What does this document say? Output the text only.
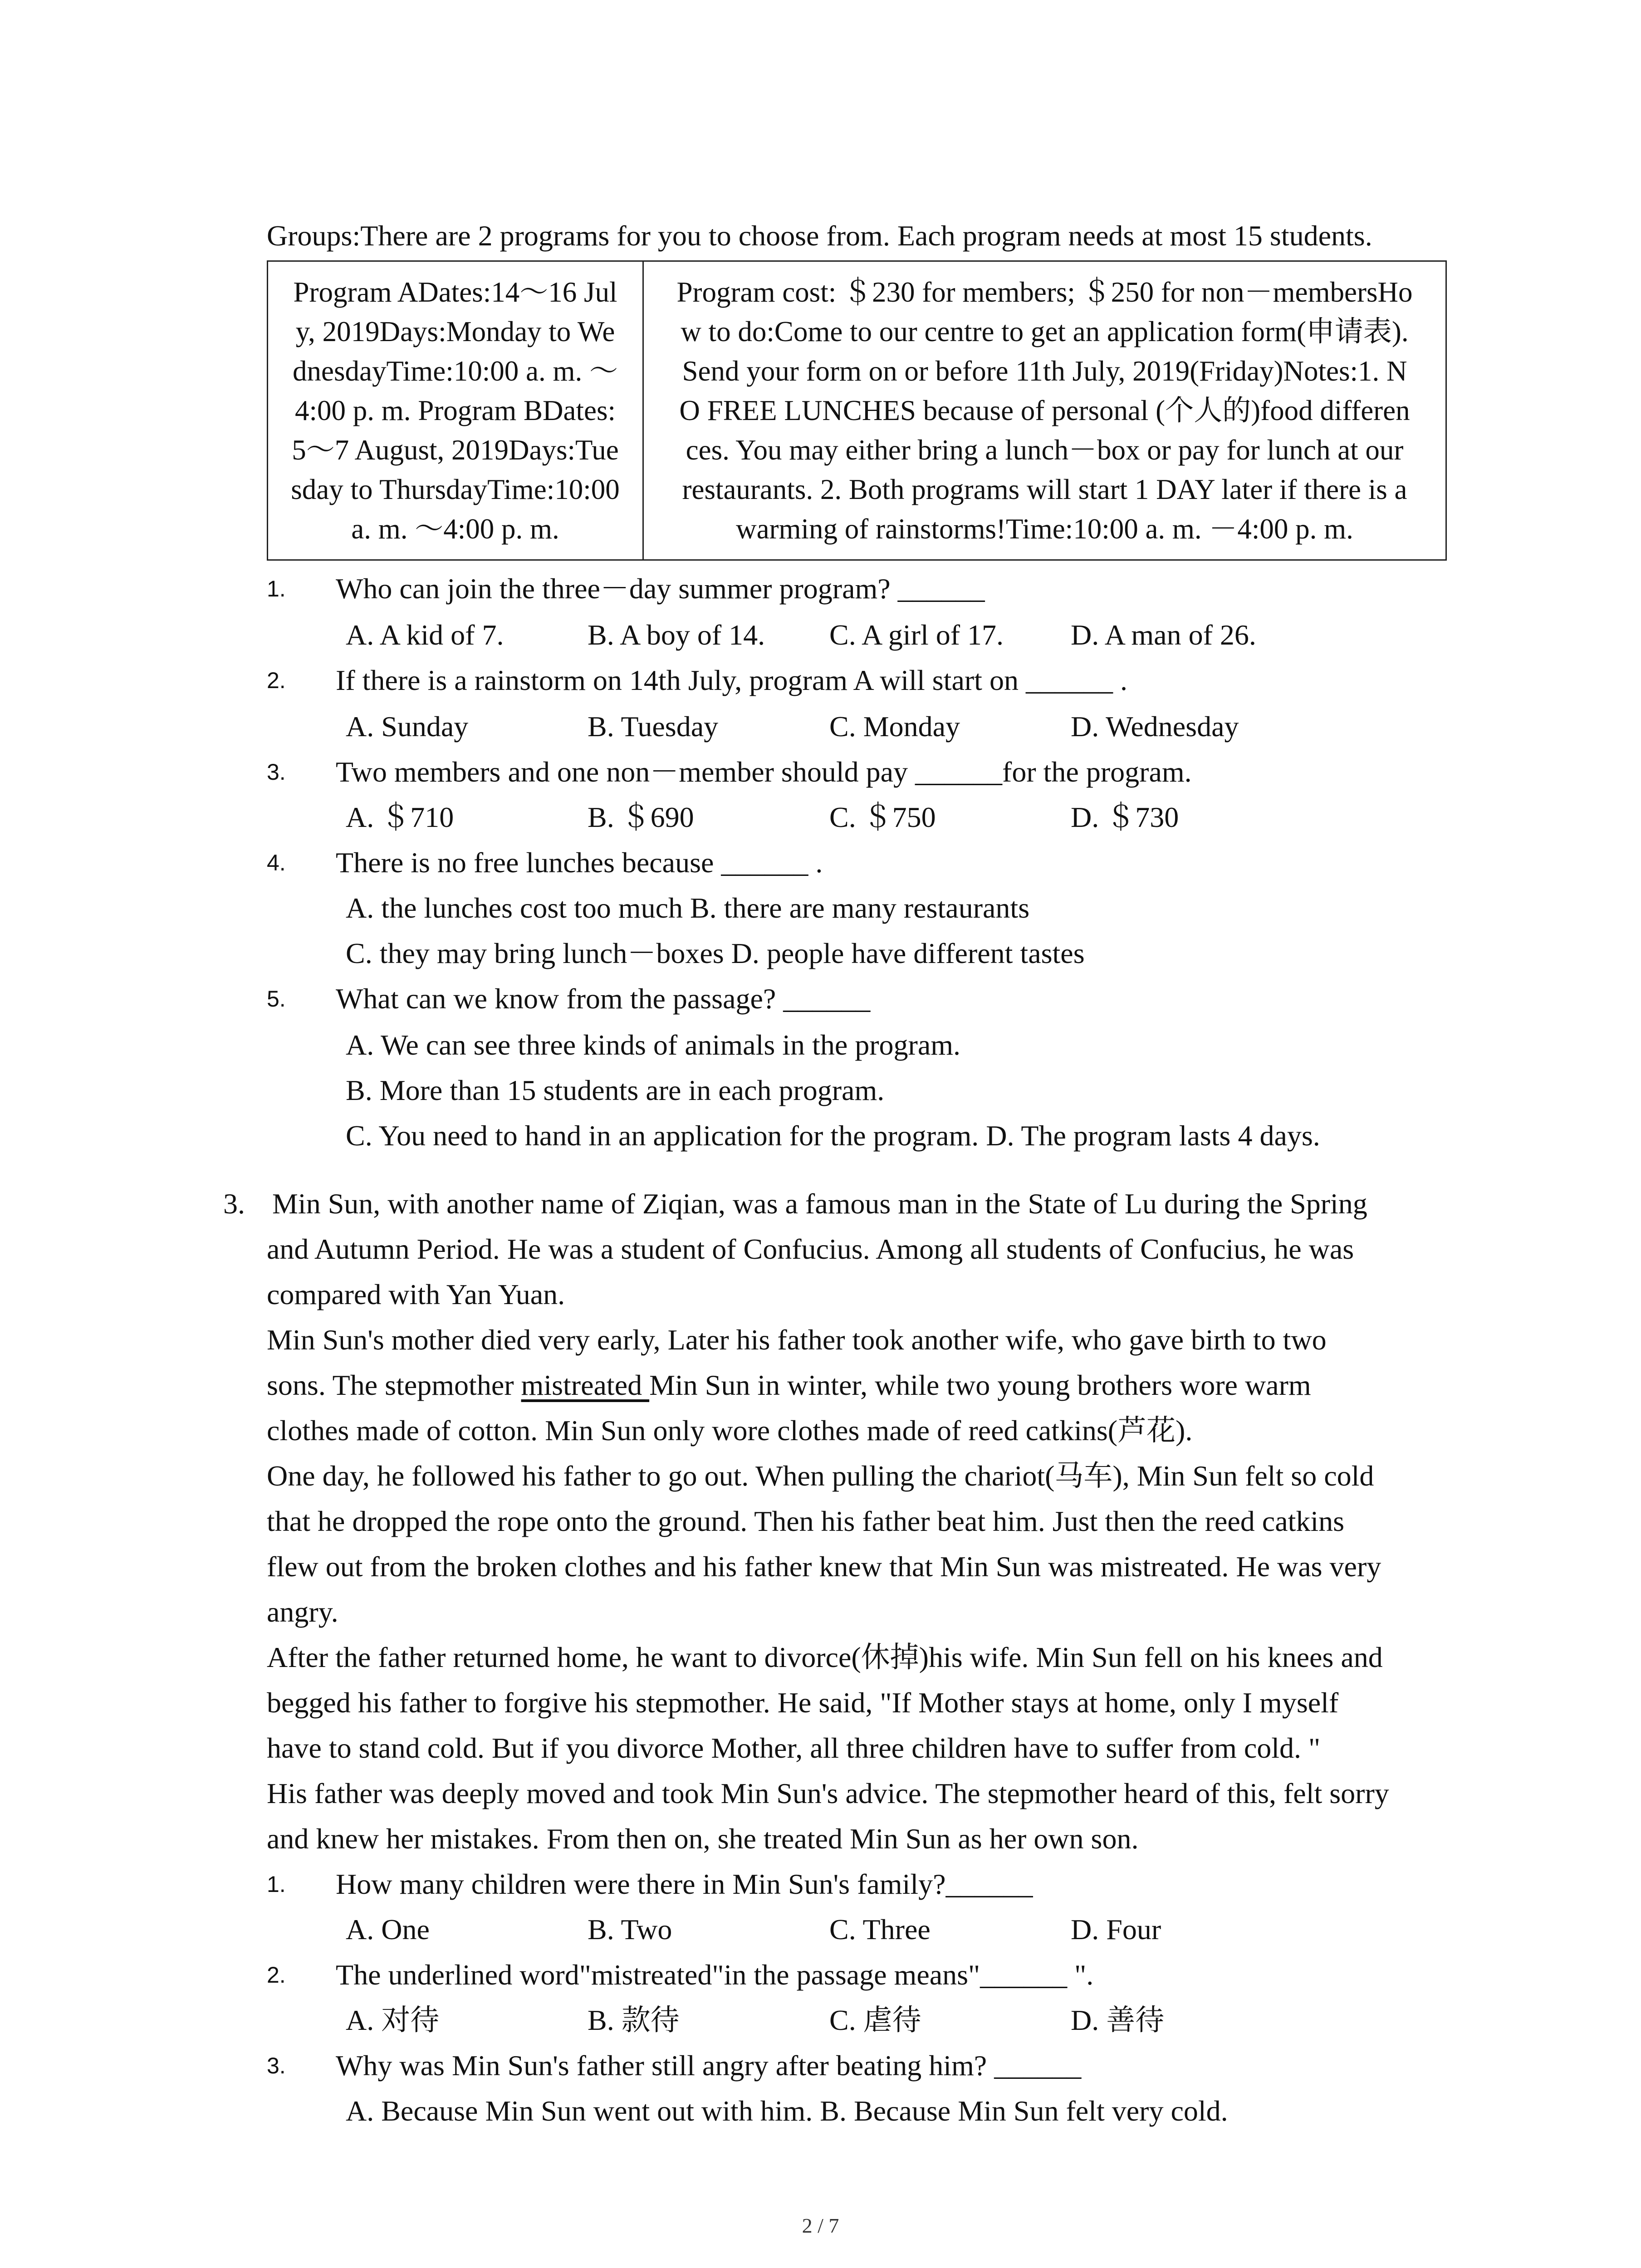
Groups:There are 2 programs for you to choose from. Each program needs at most 15 students.
Program ADates:14～16 Jul
y, 2019Days:Monday to We
dnesdayTime:10:00 a. m. ～
4:00 p. m. Program BDates:
5～7 August, 2019Days:Tue
sday to ThursdayTime:10:00
a. m. ～4:00 p. m.

Program cost: ＄230 for members; ＄250 for non－membersHo
w to do:Come to our centre to get an application form(申请表).
Send your form on or before 11th July, 2019(Friday)Notes:1. N
O FREE LUNCHES because of personal (个人的)food differen
ces. You may either bring a lunch－box or pay for lunch at our
restaurants. 2. Both programs will start 1 DAY later if there is a
warming of rainstorms!Time:10:00 a. m. －4:00 p. m.
1. Who can join the three－day summer program? ______
A. A kid of 7.	B. A boy of 14. C. A girl of 17. D. A man of 26.
2. If there is a rainstorm on 14th July, program A will start on ______ .
A. Sunday	B. Tuesday	C. Monday	D. Wednesday
3. Two members and one non－member should pay ______for the program.
A. ＄710	B. ＄690	C. ＄750	D. ＄730
4. There is no free lunches because ______ .
A. the lunches cost too much B. there are many restaurants
C. they may bring lunch－boxes D. people have different tastes
5. What can we know from the passage? ______
A. We can see three kinds of animals in the program.
B. More than 15 students are in each program.
C. You need to hand in an application for the program. D. The program lasts 4 days.
3. Min Sun, with another name of Ziqian, was a famous man in the State of Lu during the Spring
and Autumn Period. He was a student of Confucius. Among all students of Confucius, he was
compared with Yan Yuan.
Min Sun's mother died very early, Later his father took another wife, who gave birth to two
sons. The stepmother mistreated Min Sun in winter, while two young brothers wore warm
clothes made of cotton. Min Sun only wore clothes made of reed catkins(芦花).
One day, he followed his father to go out. When pulling the chariot(马车), Min Sun felt so cold
that he dropped the rope onto the ground. Then his father beat him. Just then the reed catkins
flew out from the broken clothes and his father knew that Min Sun was mistreated. He was very
angry.
After the father returned home, he want to divorce(休掉)his wife. Min Sun fell on his knees and
begged his father to forgive his stepmother. He said, "If Mother stays at home, only I myself
have to stand cold. But if you divorce Mother, all three children have to suffer from cold. "
His father was deeply moved and took Min Sun's advice. The stepmother heard of this, felt sorry
and knew her mistakes. From then on, she treated Min Sun as her own son.
1. How many children were there in Min Sun's family?______
A. One	B. Two	C. Three	D. Four
2. The underlined word"mistreated"in the passage means"______ ".
A. 对待	B. 款待	C. 虐待	D. 善待
3. Why was Min Sun's father still angry after beating him? ______
A. Because Min Sun went out with him. B. Because Min Sun felt very cold.
2 / 7
